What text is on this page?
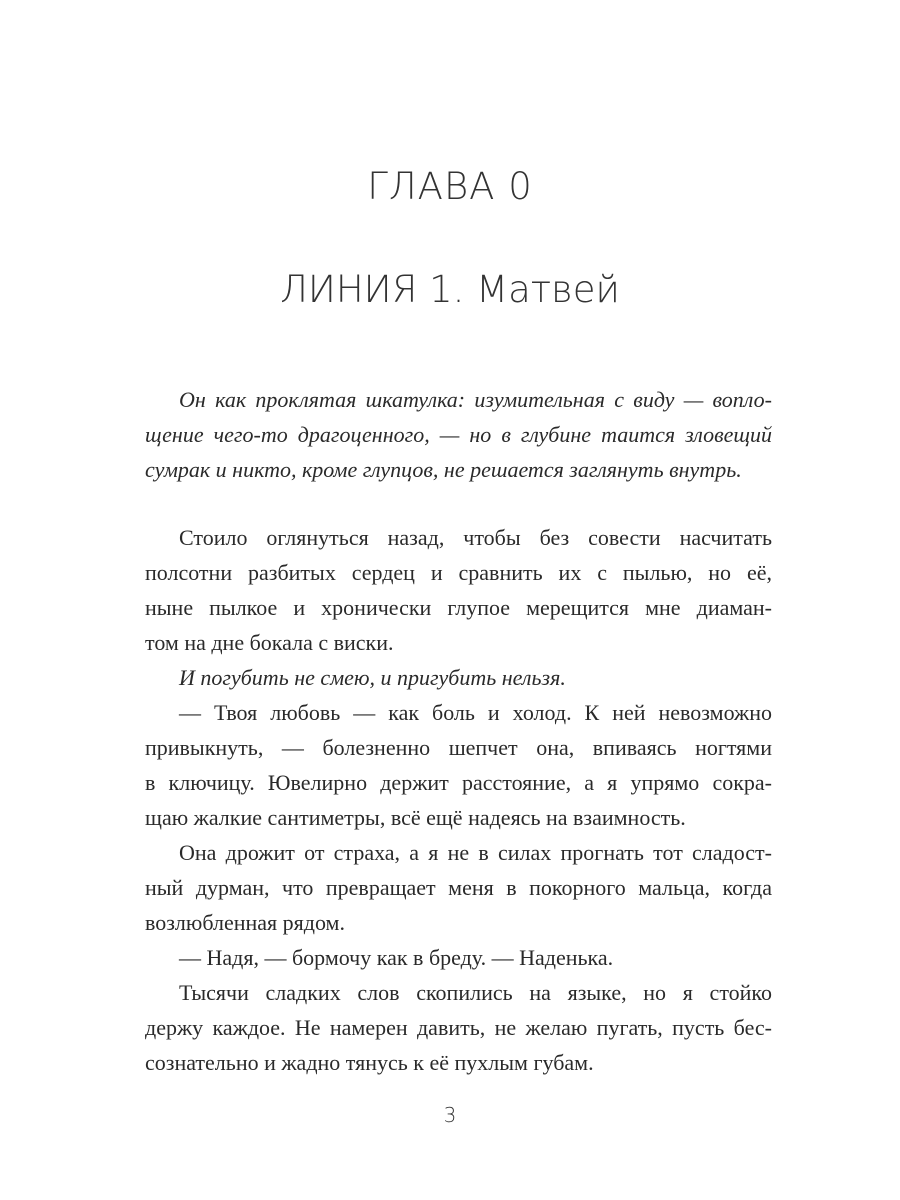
ГЛАВА 0
ЛИНИЯ 1. Матвей
Он как проклятая шкатулка: изумительная с виду — вопло-
щение чего-то драгоценного, — но в глубине таится зловещий
сумрак и никто, кроме глупцов, не решается заглянуть внутрь.
Стоило оглянуться назад, чтобы без совести насчитать
полсотни разбитых сердец и сравнить их с пылью, но её,
ныне пылкое и хронически глупое мерещится мне диаман-
том на дне бокала с виски.
И погубить не смею, и пригубить нельзя.
— Твоя любовь — как боль и холод. К ней невозможно
привыкнуть, — болезненно шепчет она, впиваясь ногтями
в ключицу. Ювелирно держит расстояние, а я упрямо сокра-
щаю жалкие сантиметры, всё ещё надеясь на взаимность.
Она дрожит от страха, а я не в силах прогнать тот сладост-
ный дурман, что превращает меня в покорного мальца, когда
возлюбленная рядом.
— Надя, — бормочу как в бреду. — Наденька.
Тысячи сладких слов скопились на языке, но я стойко
держу каждое. Не намерен давить, не желаю пугать, пусть бес-
сознательно и жадно тянусь к её пухлым губам.
3
